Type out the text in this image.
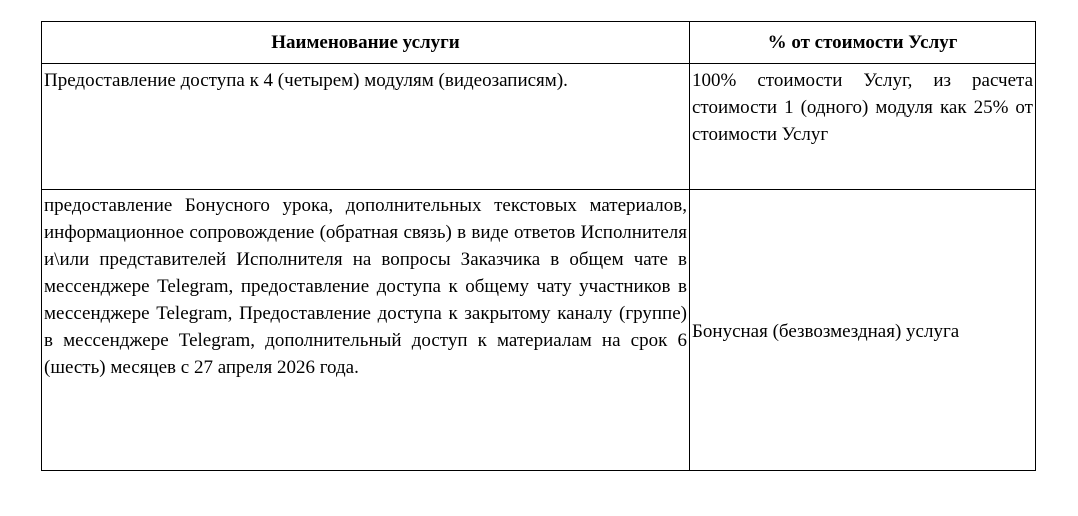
Наименование услуги	% от стоимости Услуг
Предоставление доступа к 4 (четырем) модулям (видеозаписям).	100% стоимости Услуг, из расчета стоимости 1 (одного) модуля как 25% от стоимости Услуг
предоставление Бонусного урока, дополнительных текстовых материалов, информационное сопровождение (обратная связь) в виде ответов Исполнителя и\или представителей Исполнителя на вопросы Заказчика в общем чате в мессенджере Telegram, предоставление доступа к общему чату участников в мессенджере Telegram, Предоставление доступа к закрытому каналу (группе) в мессенджере Telegram, дополнительный доступ к материалам на срок 6 (шесть) месяцев с 27 апреля 2026 года.	Бонусная (безвозмездная) услуга
